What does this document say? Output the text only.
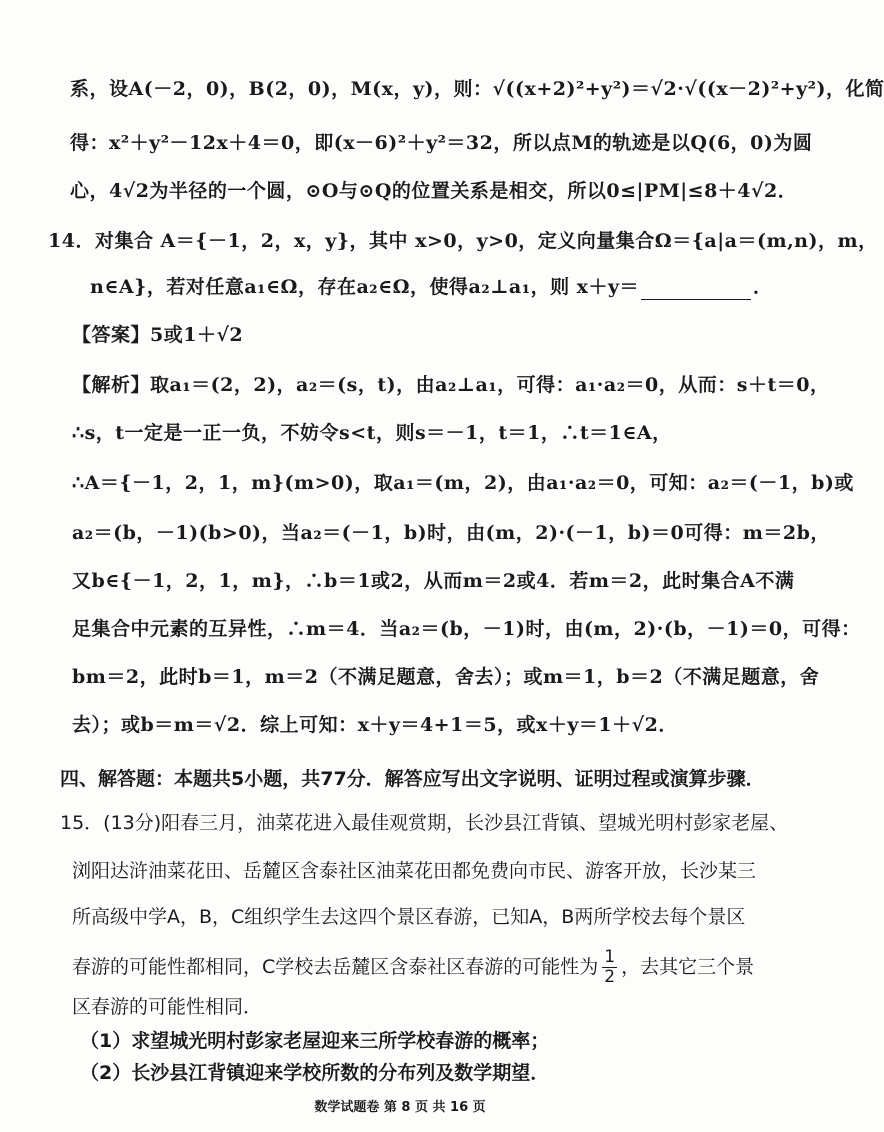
系，设A(－2，0)，B(2，0)，M(x，y)，则：√((x+2)²+y²)＝√2·√((x－2)²+y²)，化简
得：x²＋y²－12x＋4＝0，即(x－6)²＋y²＝32，所以点M的轨迹是以Q(6，0)为圆
心，4√2为半径的一个圆，⊙O与⊙Q的位置关系是相交，所以0≤|PM|≤8＋4√2．
14．对集合 A＝{－1，2，x，y}，其中 x>0，y>0，定义向量集合Ω＝{a|a＝(m,n)，m，
n∈A}，若对任意a₁∈Ω，存在a₂∈Ω，使得a₂⊥a₁，则 x＋y＝	．
【答案】5或1＋√2
【解析】取a₁＝(2，2)，a₂＝(s，t)，由a₂⊥a₁，可得：a₁·a₂＝0，从而：s＋t＝0，
∴s，t一定是一正一负，不妨令s<t，则s＝－1，t＝1，∴t＝1∈A，
∴A＝{－1，2，1，m}(m>0)，取a₁＝(m，2)，由a₁·a₂＝0，可知：a₂＝(－1，b)或
a₂＝(b，－1)(b>0)，当a₂＝(－1，b)时，由(m，2)·(－1，b)＝0可得：m＝2b，
又b∈{－1，2，1，m}，∴b＝1或2，从而m＝2或4．若m＝2，此时集合A不满
足集合中元素的互异性，∴m＝4．当a₂＝(b，－1)时，由(m，2)·(b，－1)＝0，可得：
bm＝2，此时b＝1，m＝2（不满足题意，舍去）；或m＝1，b＝2（不满足题意，舍
去）；或b＝m＝√2．综上可知：x＋y＝4+1＝5，或x＋y＝1＋√2．
四、解答题：本题共5小题，共77分．解答应写出文字说明、证明过程或演算步骤．
15．(13分)阳春三月，油菜花进入最佳观赏期，长沙县江背镇、望城光明村彭家老屋、
浏阳达浒油菜花田、岳麓区含泰社区油菜花田都免费向市民、游客开放，长沙某三
所高级中学A，B，C组织学生去这四个景区春游，已知A，B两所学校去每个景区
春游的可能性都相同，C学校去岳麓区含泰社区春游的可能性为 $\frac{1}{2}$ ，去其它三个景
区春游的可能性相同．
（1）求望城光明村彭家老屋迎来三所学校春游的概率；
（2）长沙县江背镇迎来学校所数的分布列及数学期望．
数学试题卷 第 8 页 共 16 页
